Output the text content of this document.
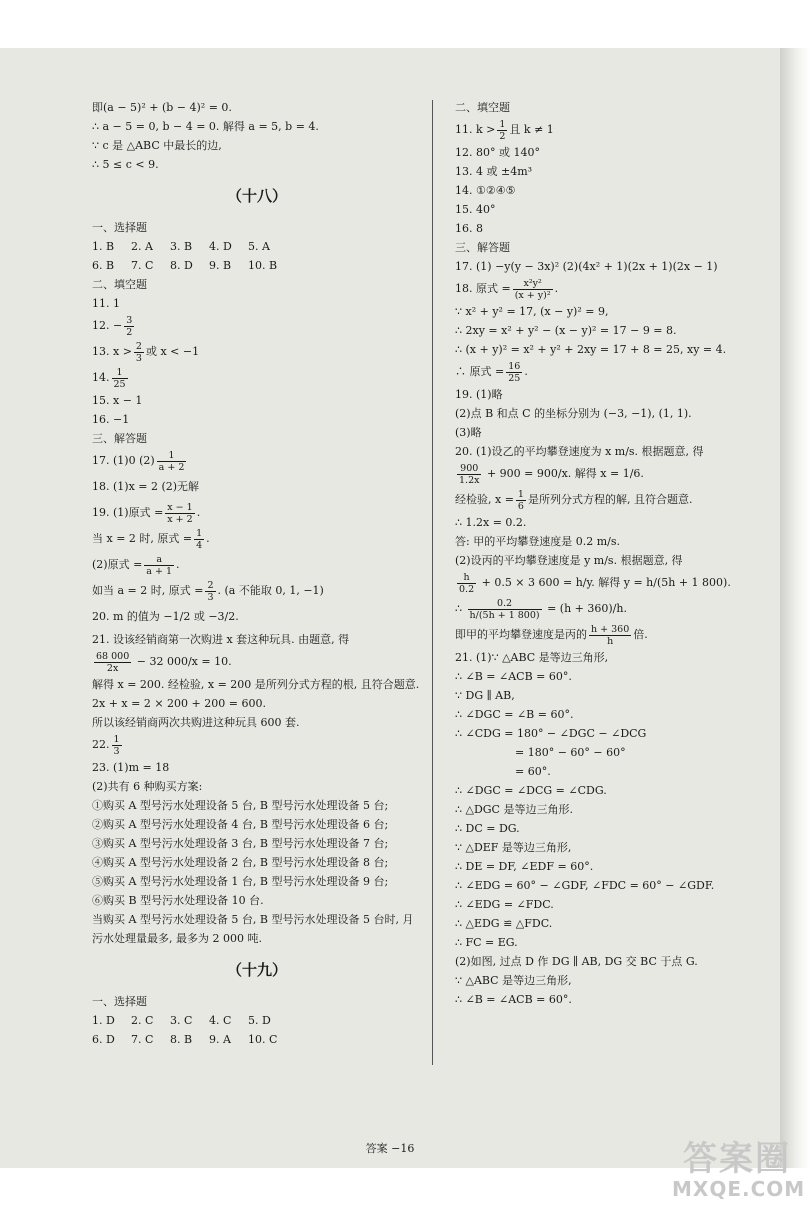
即(a − 5)² + (b − 4)² = 0.
∴ a − 5 = 0, b − 4 = 0. 解得 a = 5, b = 4.
∵ c 是 △ABC 中最长的边,
∴ 5 ≤ c < 9.
（十八）
一、选择题
1. B 2. A 3. B 4. D 5. A
6. B 7. C 8. D 9. B 10. B
二、填空题
11. 1
12. − $\frac{3}{2}$
13. $x > \frac{2}{3}$ 或 x < −1
14. $\frac{1}{25}$
15. x − 1
16. −1
三、解答题
17. (1)0 $(2) \frac{1}{a + 2}$
18. (1)x = 2 (2)无解
19. (1)原式 = $\frac{x - 1}{x + 2}$ .
当 x = 2 时, 原式 = $\frac{1}{4}$ .
(2)原式 = $\frac{a}{a + 1}$ .
如当 a = 2 时, 原式 = $\frac{2}{3}$ . (a 不能取 0, 1, −1)
20. m 的值为 −1/2 或 −3/2.
21. 设该经销商第一次购进 x 套这种玩具. 由题意, 得
$\frac{68 000}{2x} - 32$ 000/x = 10.
解得 x = 200. 经检验, x = 200 是所列分式方程的根, 且符合题意.
2x + x = 2 × 200 + 200 = 600.
所以该经销商两次共购进这种玩具 600 套.
22. $\frac{1}{3}$
23. (1)m = 18
(2)共有 6 种购买方案:
①购买 A 型号污水处理设备 5 台, B 型号污水处理设备 5 台;
②购买 A 型号污水处理设备 4 台, B 型号污水处理设备 6 台;
③购买 A 型号污水处理设备 3 台, B 型号污水处理设备 7 台;
④购买 A 型号污水处理设备 2 台, B 型号污水处理设备 8 台;
⑤购买 A 型号污水处理设备 1 台, B 型号污水处理设备 9 台;
⑥购买 B 型号污水处理设备 10 台.
当购买 A 型号污水处理设备 5 台, B 型号污水处理设备 5 台时, 月
污水处理量最多, 最多为 2 000 吨.
（十九）
一、选择题
1. D 2. C 3. C 4. C 5. D
6. D 7. C 8. B 9. A 10. C
二、填空题
11. $k > \frac{1}{2}$ 且 k ≠ 1
12. 80° 或 140°
13. 4 或 ±4m³
14. ①②④⑤
15. 40°
16. 8
三、解答题
17. (1) −y(y − 3x)² (2)(4x² + 1)(2x + 1)(2x − 1)
18. 原式 = $\frac{\text{x²y²}}{\text{(x + y)²}}$ .
∵ x² + y² = 17, (x − y)² = 9,
∴ 2xy = x² + y² − (x − y)² = 17 − 9 = 8.
∴ (x + y)² = x² + y² + 2xy = 17 + 8 = 25, xy = 4.
∴ 原式 = $\frac{16}{25}$ .
19. (1)略
(2)点 B 和点 C 的坐标分别为 (−3, −1), (1, 1).
(3)略
20. (1)设乙的平均攀登速度为 x m/s. 根据题意, 得
$\frac{900}{1.2x} + 900 = 900/x$. 解得 x = 1/6.
经检验, $x = \frac{1}{6}$ 是所列分式方程的解, 且符合题意.
∴ 1.2x = 0.2.
答: 甲的平均攀登速度是 0.2 m/s.
(2)设丙的平均攀登速度是 y m/s. 根据题意, 得
$\frac{h}{0.2} + 0.5 \times 3$ 600 = h/y. 解得 y = h/(5h + 1 800).
∴ $\frac{0.2}{h/(5h + 1 800)} = (h + 360)/h$.
即甲的平均攀登速度是丙的 $\frac{h + 360}{h}$ 倍.
21. (1)∵ △ABC 是等边三角形,
∴ ∠B = ∠ACB = 60°.
∵ DG ∥ AB,
∴ ∠DGC = ∠B = 60°.
∴ ∠CDG = 180° − ∠DGC − ∠DCG
= 180° − 60° − 60°
= 60°.
∴ ∠DGC = ∠DCG = ∠CDG.
∴ △DGC 是等边三角形.
∴ DC = DG.
∵ △DEF 是等边三角形,
∴ DE = DF, ∠EDF = 60°.
∴ ∠EDG = 60° − ∠GDF, ∠FDC = 60° − ∠GDF.
∴ ∠EDG = ∠FDC.
∴ △EDG ≌ △FDC.
∴ FC = EG.
(2)如图, 过点 D 作 DG ∥ AB, DG 交 BC 于点 G.
∵ △ABC 是等边三角形,
∴ ∠B = ∠ACB = 60°.
答案 −16	答案圈
MXQE.COM
